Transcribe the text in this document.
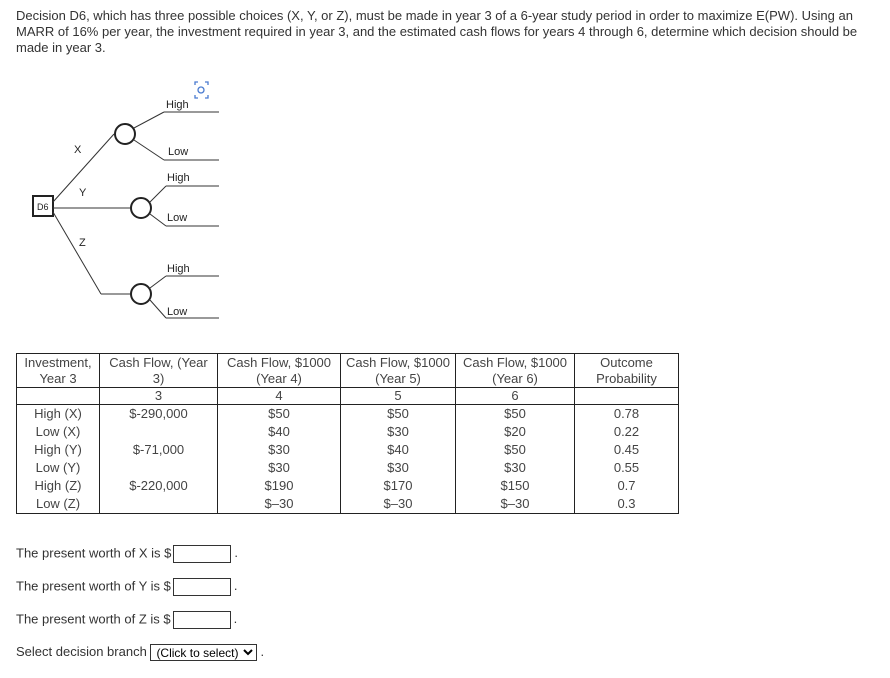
Decision D6, which has three possible choices (X, Y, or Z), must be made in year 3 of a 6-year study period in order to maximize E(PW). Using an MARR of 16% per year, the investment required in year 3, and the estimated cash flows for years 4 through 6, determine which decision should be made in year 3.
D6
X
Y
Z
High
Low
High
Low
High
Low
Investment, Year 3	Cash Flow, (Year 3)	Cash Flow, $1000 (Year 4)	Cash Flow, $1000 (Year 5)	Cash Flow, $1000 (Year 6)	Outcome Probability
	3	4	5	6	
High (X)	$-290,000	$50	$50	$50	0.78
Low (X)		$40	$30	$20	0.22
High (Y)	$-71,000	$30	$40	$50	0.45
Low (Y)		$30	$30	$30	0.55
High (Z)	$-220,000	$190	$170	$150	0.7
Low (Z)		$–30	$–30	$–30	0.3
The present worth of X is $	.
The present worth of Y is $	.
The present worth of Z is $	.
Select decision branch
(Click to select)	.
